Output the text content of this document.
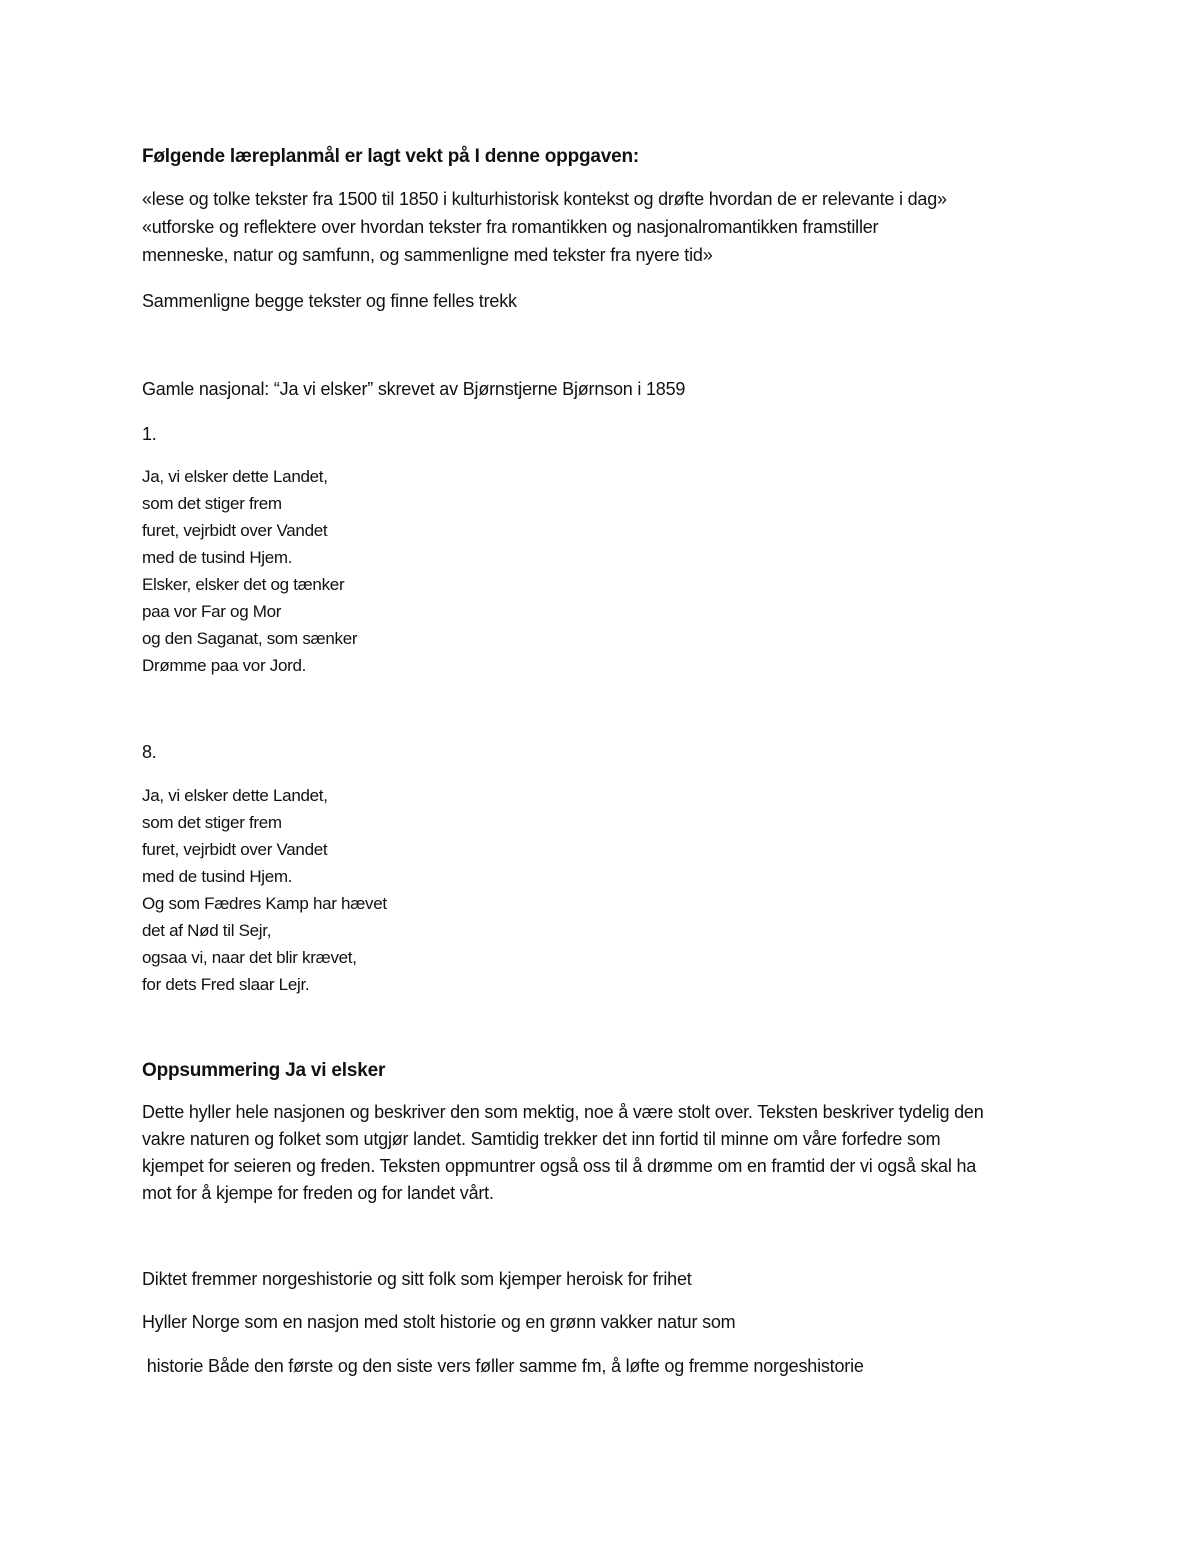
Følgende læreplanmål er lagt vekt på I denne oppgaven:
«lese og tolke tekster fra 1500 til 1850 i kulturhistorisk kontekst og drøfte hvordan de er relevante i dag»
«utforske og reflektere over hvordan tekster fra romantikken og nasjonalromantikken framstiller
menneske, natur og samfunn, og sammenligne med tekster fra nyere tid»
Sammenligne begge tekster og finne felles trekk
Gamle nasjonal: “Ja vi elsker” skrevet av Bjørnstjerne Bjørnson i 1859
1.
Ja, vi elsker dette Landet,
som det stiger frem
furet, vejrbidt over Vandet
med de tusind Hjem.
Elsker, elsker det og tænker
paa vor Far og Mor
og den Saganat, som sænker
Drømme paa vor Jord.
8.
Ja, vi elsker dette Landet,
som det stiger frem
furet, vejrbidt over Vandet
med de tusind Hjem.
Og som Fædres Kamp har hævet
det af Nød til Sejr,
ogsaa vi, naar det blir krævet,
for dets Fred slaar Lejr.
Oppsummering Ja vi elsker
Dette hyller hele nasjonen og beskriver den som mektig, noe å være stolt over. Teksten beskriver tydelig den
vakre naturen og folket som utgjør landet. Samtidig trekker det inn fortid til minne om våre forfedre som
kjempet for seieren og freden. Teksten oppmuntrer også oss til å drømme om en framtid der vi også skal ha
mot for å kjempe for freden og for landet vårt.
Diktet fremmer norgeshistorie og sitt folk som kjemper heroisk for frihet
Hyller Norge som en nasjon med stolt historie og en grønn vakker natur som
historie Både den første og den siste vers føller samme fm, å løfte og fremme norgeshistorie
